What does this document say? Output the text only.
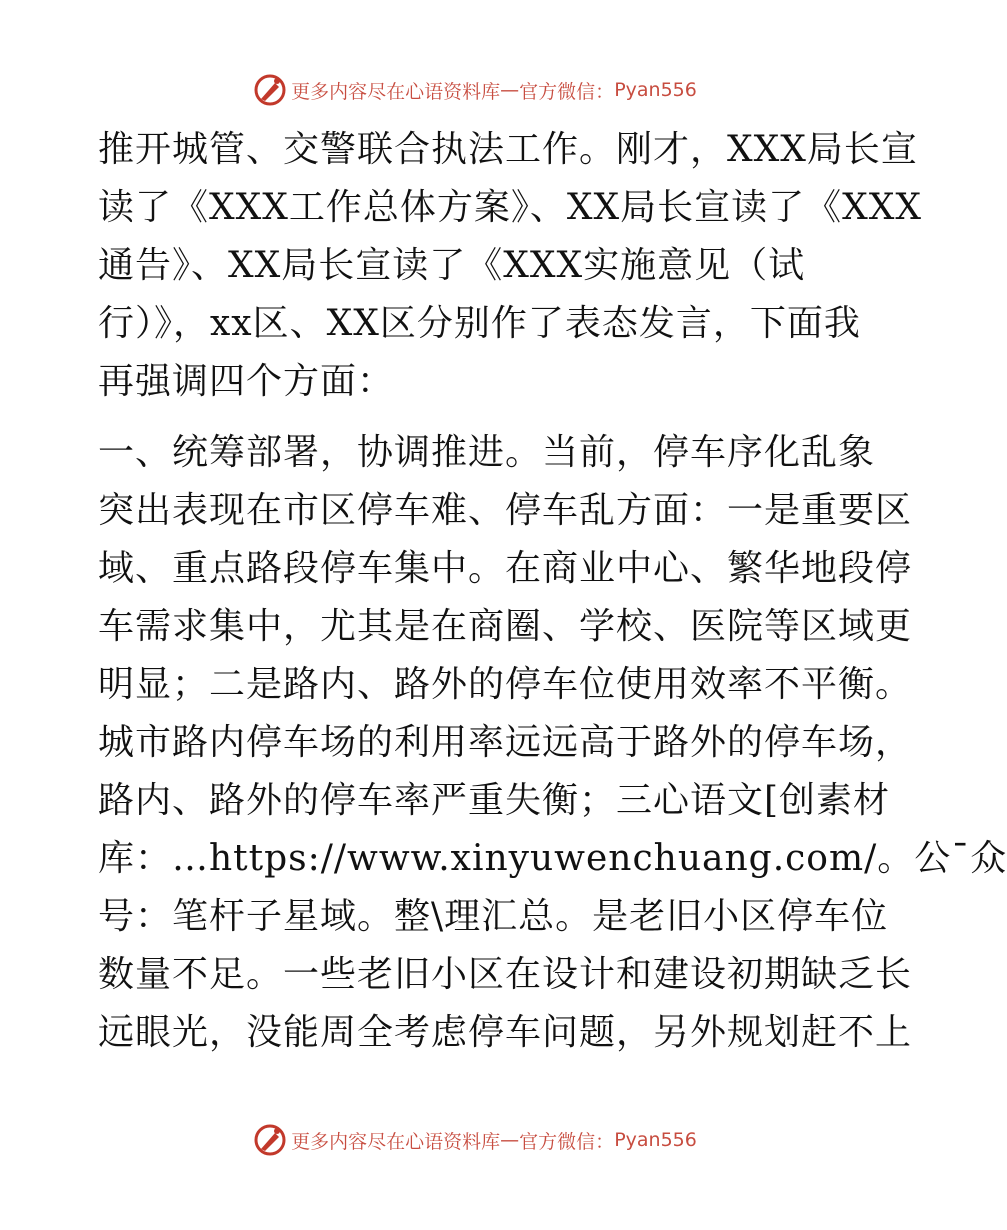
更多内容尽在心语资料库 — 官方微信： Pyan556
推开城管、交警联合执法工作。刚才，XXX局长宣
读了《XXX工作总体方案》、XX局长宣读了《XXX
通告》、XX局长宣读了《XXX实施意见（试
行）》，xx区、XX区分别作了表态发言，下面我
再强调四个方面：
一、统筹部署，协调推进。当前，停车序化乱象
突出表现在市区停车难、停车乱方面：一是重要区
域、重点路段停车集中。在商业中心、繁华地段停
车需求集中，尤其是在商圈、学校、医院等区域更
明显；二是路内、路外的停车位使用效率不平衡。
城市路内停车场的利用率远远高于路外的停车场，
路内、路外的停车率严重失衡；三心语文[创素材
库：…https://www.xinyuwenchuang.com/。公¯众
号：笔杆子星域。整\理汇总。是老旧小区停车位
数量不足。一些老旧小区在设计和建设初期缺乏长
远眼光，没能周全考虑停车问题，另外规划赶不上
更多内容尽在心语资料库 — 官方微信： Pyan556
